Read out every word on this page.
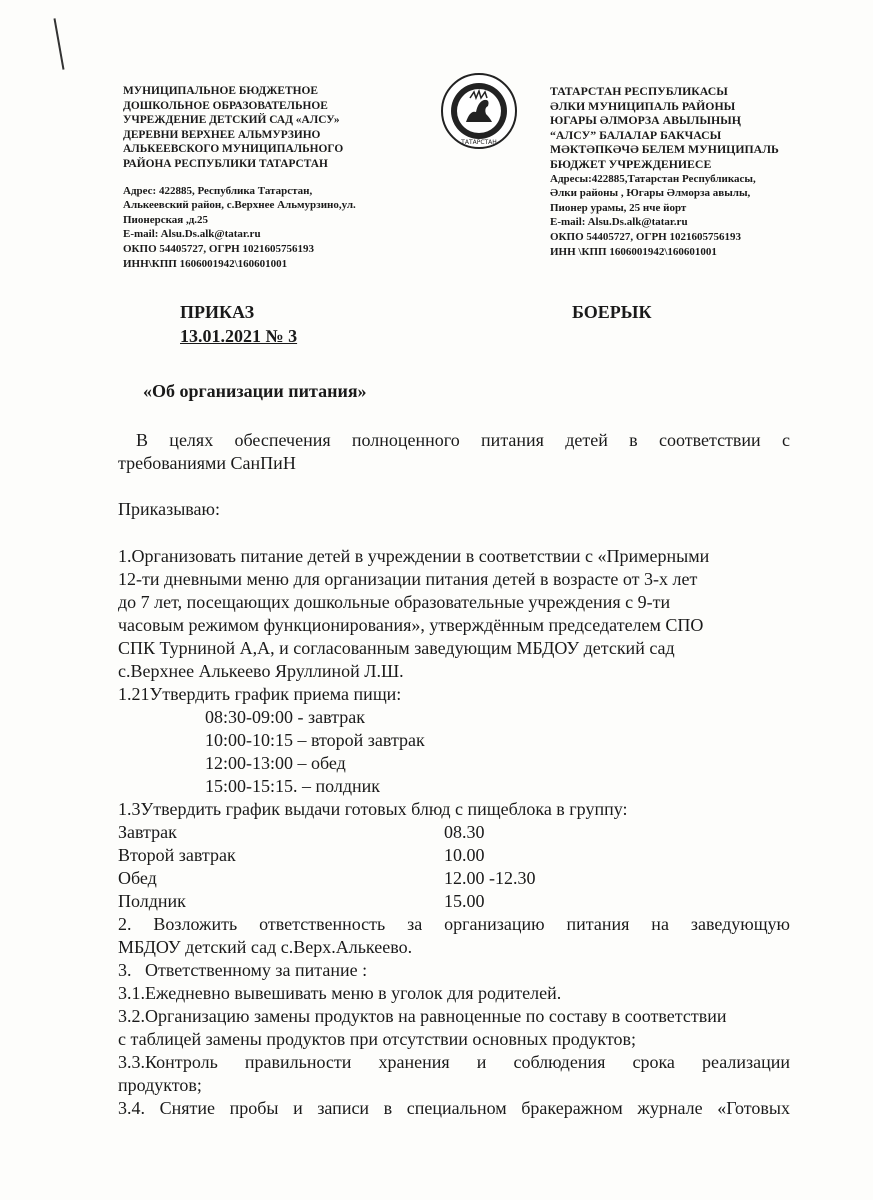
МУНИЦИПАЛЬНОЕ БЮДЖЕТНОЕ
ДОШКОЛЬНОЕ ОБРАЗОВАТЕЛЬНОЕ
УЧРЕЖДЕНИЕ ДЕТСКИЙ САД «АЛСУ»
ДЕРЕВНИ ВЕРХНЕЕ АЛЬМУРЗИНО
АЛЬКЕЕВСКОГО МУНИЦИПАЛЬНОГО
РАЙОНА РЕСПУБЛИКИ ТАТАРСТАН
Адрес: 422885, Республика Татарстан,
Алькеевский район, с.Верхнее Альмурзино,ул.
Пионерская ,д.25
E-mail: Alsu.Ds.alk@tatar.ru
ОКПО 54405727, ОГРН 1021605756193
ИНН\КПП 1606001942\160601001
ТАТАРСТАН
ТАТАРСТАН РЕСПУБЛИКАСЫ
ӘЛКИ МУНИЦИПАЛЬ РАЙОНЫ
ЮГАРЫ ӘЛМОРЗА АВЫЛЫНЫҢ
“АЛСУ” БАЛАЛАР БАКЧАСЫ
МӘКТӘПКӘЧӘ БЕЛЕМ МУНИЦИПАЛЬ
БЮДЖЕТ УЧРЕЖДЕНИЕСЕ
Адресы:422885,Татарстан Республикасы,
Әлки районы , Югары Әлморза авылы,
Пионер урамы, 25 нче йорт
E-mail: Alsu.Ds.alk@tatar.ru
ОКПО 54405727, ОГРН 1021605756193
ИНН \КПП 1606001942\160601001
ПРИКАЗ
13.01.2021 № 3
БОЕРЫК
«Об организации питания»
В целях обеспечения полноценного питания детей в соответствии с
требованиями СанПиН
Приказываю:
1.Организовать питание детей в учреждении в соответствии с «Примерными
12-ти дневными меню для организации питания детей в возрасте от 3-х лет
до 7 лет, посещающих дошкольные образовательные учреждения с 9-ти
часовым режимом функционирования», утверждённым председателем СПО
СПК Турниной А,А, и согласованным заведующим МБДОУ детский сад
с.Верхнее Алькеево Яруллиной Л.Ш.
1.21Утвердить график приема пищи:
08:30-09:00 - завтрак
10:00-10:15 – второй завтрак
12:00-13:00 – обед
15:00-15:15. – полдник
1.3Утвердить график выдачи готовых блюд с пищеблока в группу:
Завтрак	08.30
Второй завтрак	10.00
Обед	12.00 -12.30
Полдник	15.00
2. Возложить ответственность за организацию питания на заведующую
МБДОУ детский сад с.Верх.Алькеево.
3.   Ответственному за питание :
3.1.Ежедневно вывешивать меню в уголок для родителей.
3.2.Организацию замены продуктов на равноценные по составу в соответствии
с таблицей замены продуктов при отсутствии основных продуктов;
3.3.Контроль правильности хранения и соблюдения срока реализации
продуктов;
3.4. Снятие пробы и записи в специальном бракеражном журнале «Готовых
